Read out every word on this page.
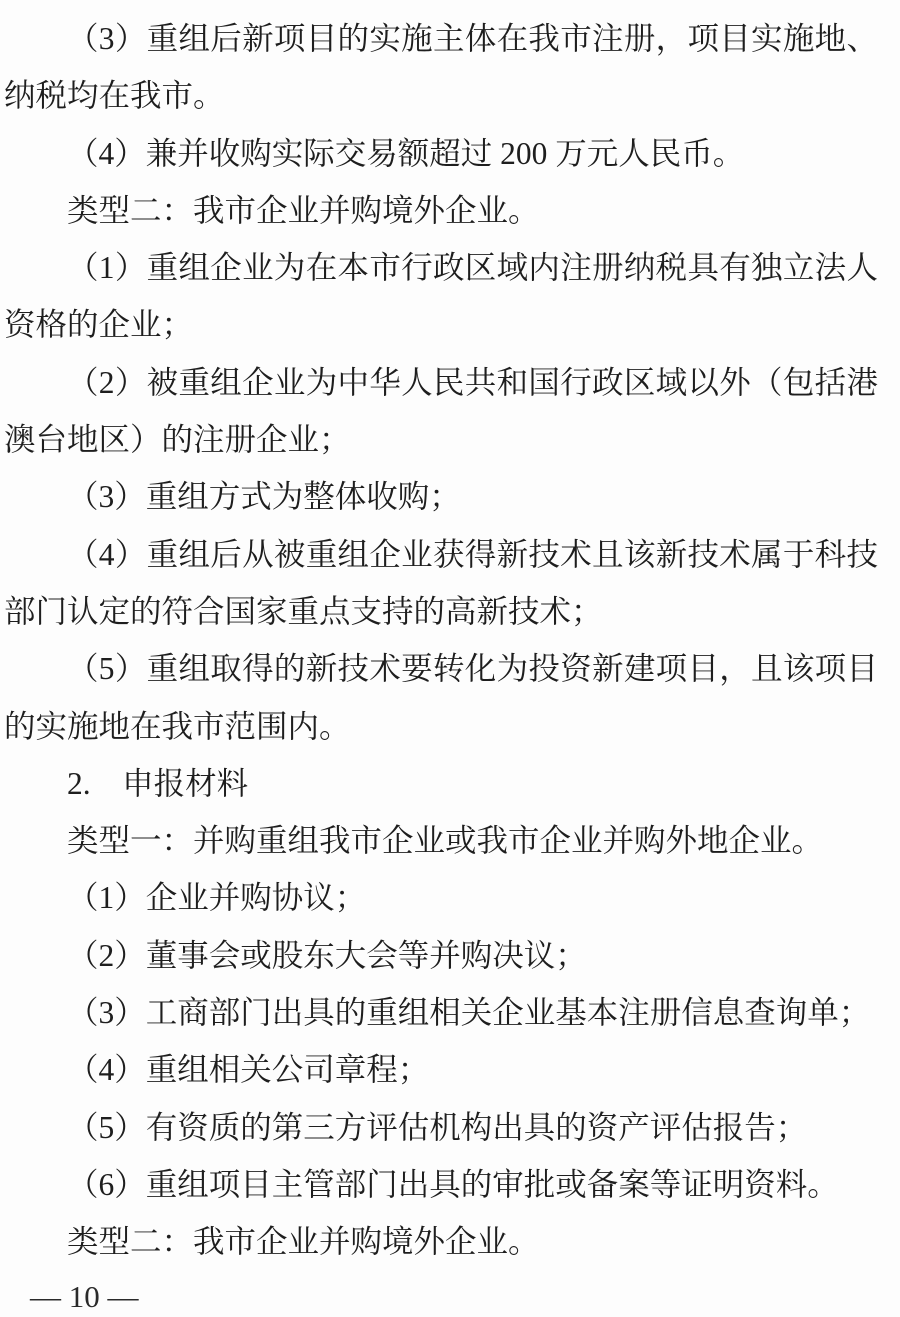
（3）重组后新项目的实施主体在我市注册，项目实施地、
纳税均在我市。
（4）兼并收购实际交易额超过 200 万元人民币。
类型二：我市企业并购境外企业。
（1）重组企业为在本市行政区域内注册纳税具有独立法人
资格的企业；
（2）被重组企业为中华人民共和国行政区域以外（包括港
澳台地区）的注册企业；
（3）重组方式为整体收购；
（4）重组后从被重组企业获得新技术且该新技术属于科技
部门认定的符合国家重点支持的高新技术；
（5）重组取得的新技术要转化为投资新建项目，且该项目
的实施地在我市范围内。
2.　申报材料
类型一：并购重组我市企业或我市企业并购外地企业。
（1）企业并购协议；
（2）董事会或股东大会等并购决议；
（3）工商部门出具的重组相关企业基本注册信息查询单；
（4）重组相关公司章程；
（5）有资质的第三方评估机构出具的资产评估报告；
（6）重组项目主管部门出具的审批或备案等证明资料。
类型二：我市企业并购境外企业。
— 10 —
